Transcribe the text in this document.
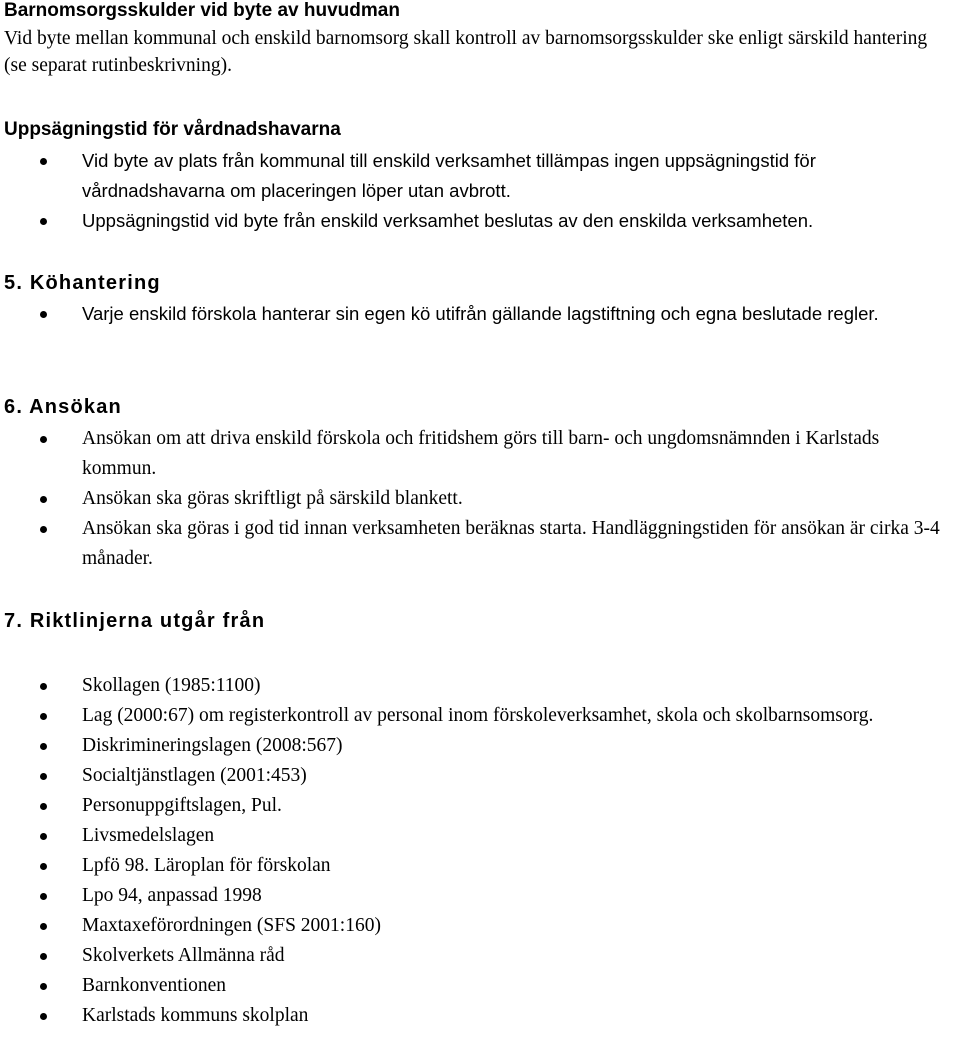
Barnomsorgsskulder vid byte av huvudman

Vid byte mellan kommunal och enskild barnomsorg skall kontroll av barnomsorgsskulder ske enligt särskild hantering (se separat rutinbeskrivning).

Uppsägningstid för vårdnadshavarna
Vid byte av plats från kommunal till enskild verksamhet tillämpas ingen uppsägningstid för vårdnadshavarna om placeringen löper utan avbrott.
Uppsägningstid vid byte från enskild verksamhet beslutas av den enskilda verksamheten.
5. Köhantering
Varje enskild förskola hanterar sin egen kö utifrån gällande lagstiftning och egna beslutade regler.
6. Ansökan
Ansökan om att driva enskild förskola och fritidshem görs till barn- och ungdomsnämnden i Karlstads kommun.
Ansökan ska göras skriftligt på särskild blankett.
Ansökan ska göras i god tid innan verksamheten beräknas starta. Handläggningstiden för ansökan är cirka 3-4 månader.
7. Riktlinjerna utgår från
Skollagen (1985:1100)
Lag (2000:67) om registerkontroll av personal inom förskoleverksamhet, skola och skolbarnsomsorg.
Diskrimineringslagen (2008:567)
Socialtjänstlagen (2001:453)
Personuppgiftslagen, Pul.
Livsmedelslagen
Lpfö 98. Läroplan för förskolan
Lpo 94, anpassad 1998
Maxtaxeförordningen (SFS 2001:160)
Skolverkets Allmänna råd
Barnkonventionen
Karlstads kommuns skolplan
